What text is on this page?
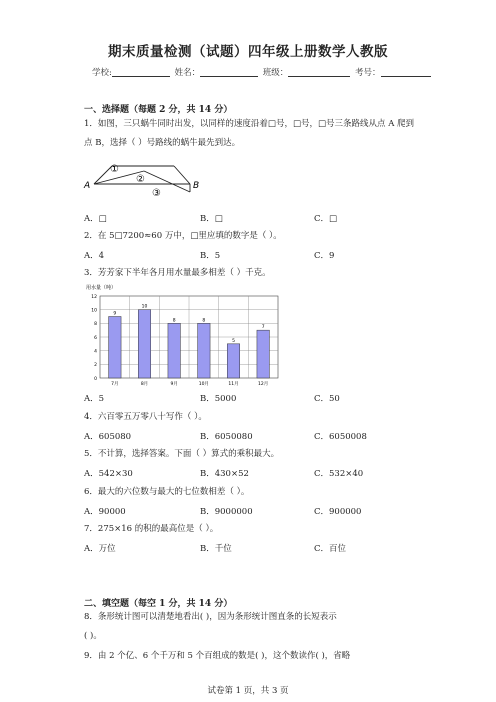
期末质量检测（试题）四年级上册数学人教版
学校:	姓名：	班级：	考号：
一、选择题（每题 2 分，共 14 分）
1．如图，三只蜗牛同时出发，以同样的速度沿着□号，□号，□号三条路线从点 A 爬到
点 B，选择（ ）号路线的蜗牛最先到达。
A
①
②
③
B
A．□	B．□	C．□
2．在 5□7200≈60 万中，□里应填的数字是（ ）。
A．4	B．5	C．9
3．芳芳家下半年各月用水量最多相差（ ）千克。
用水量（吨）
0
2
4
6
8
10
12
9
7月
10
8月
8
9月
8
10月
5
11月
7
12月
A．5	B．5000	C．50
4．六百零五万零八十写作（ ）。
A．605080	B．6050080	C．6050008
5．不计算，选择答案。下面（ ）算式的乘积最大。
A．542×30	B．430×52	C．532×40
6．最大的六位数与最大的七位数相差（ ）。
A．90000	B．9000000	C．900000
7．275×16 的积的最高位是（ ）。
A．万位	B．千位	C．百位
二、填空题（每空 1 分，共 14 分）
8．条形统计图可以清楚地看出( )，因为条形统计图直条的长短表示
( )。
9．由 2 个亿、6 个千万和 5 个百组成的数是( )，这个数读作( )，省略
试卷第 1 页，共 3 页
